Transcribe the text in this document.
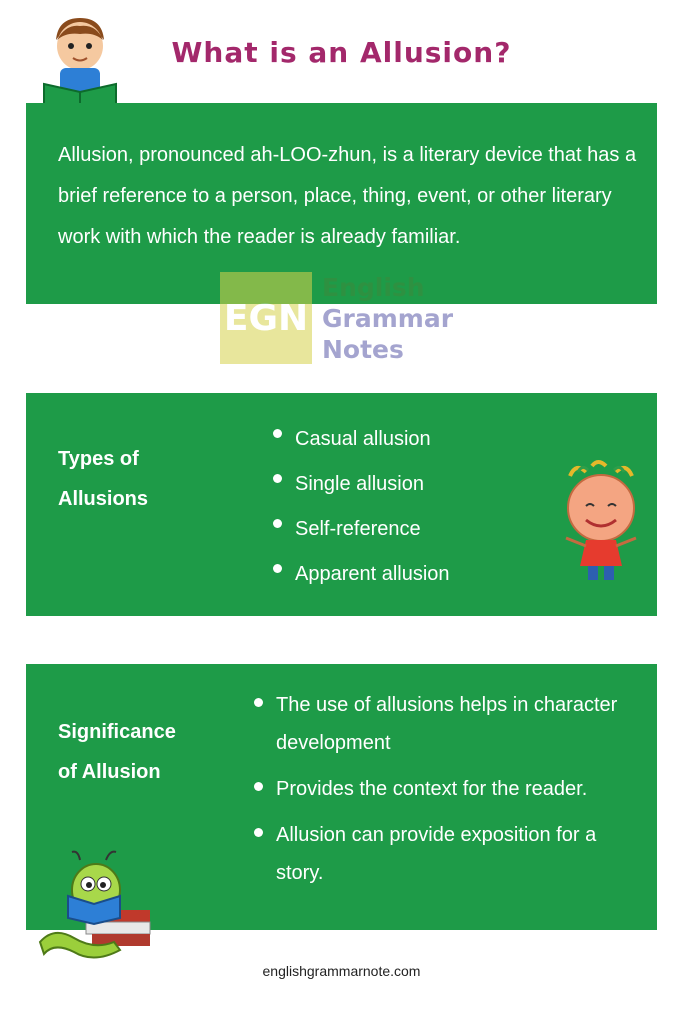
What is an Allusion?

Allusion, pronounced ah-LOO-zhun, is a literary device that has a brief reference to a person, place, thing, event, or other literary work with which the reader is already familiar.

EGN
English
Grammar
Notes
Types of Allusions
Casual allusion
Single allusion
Self-reference
Apparent allusion
Significance of Allusion
The use of allusions helps in character development
Provides the context for the reader.
Allusion can provide exposition for a story.
englishgrammarnote.com
